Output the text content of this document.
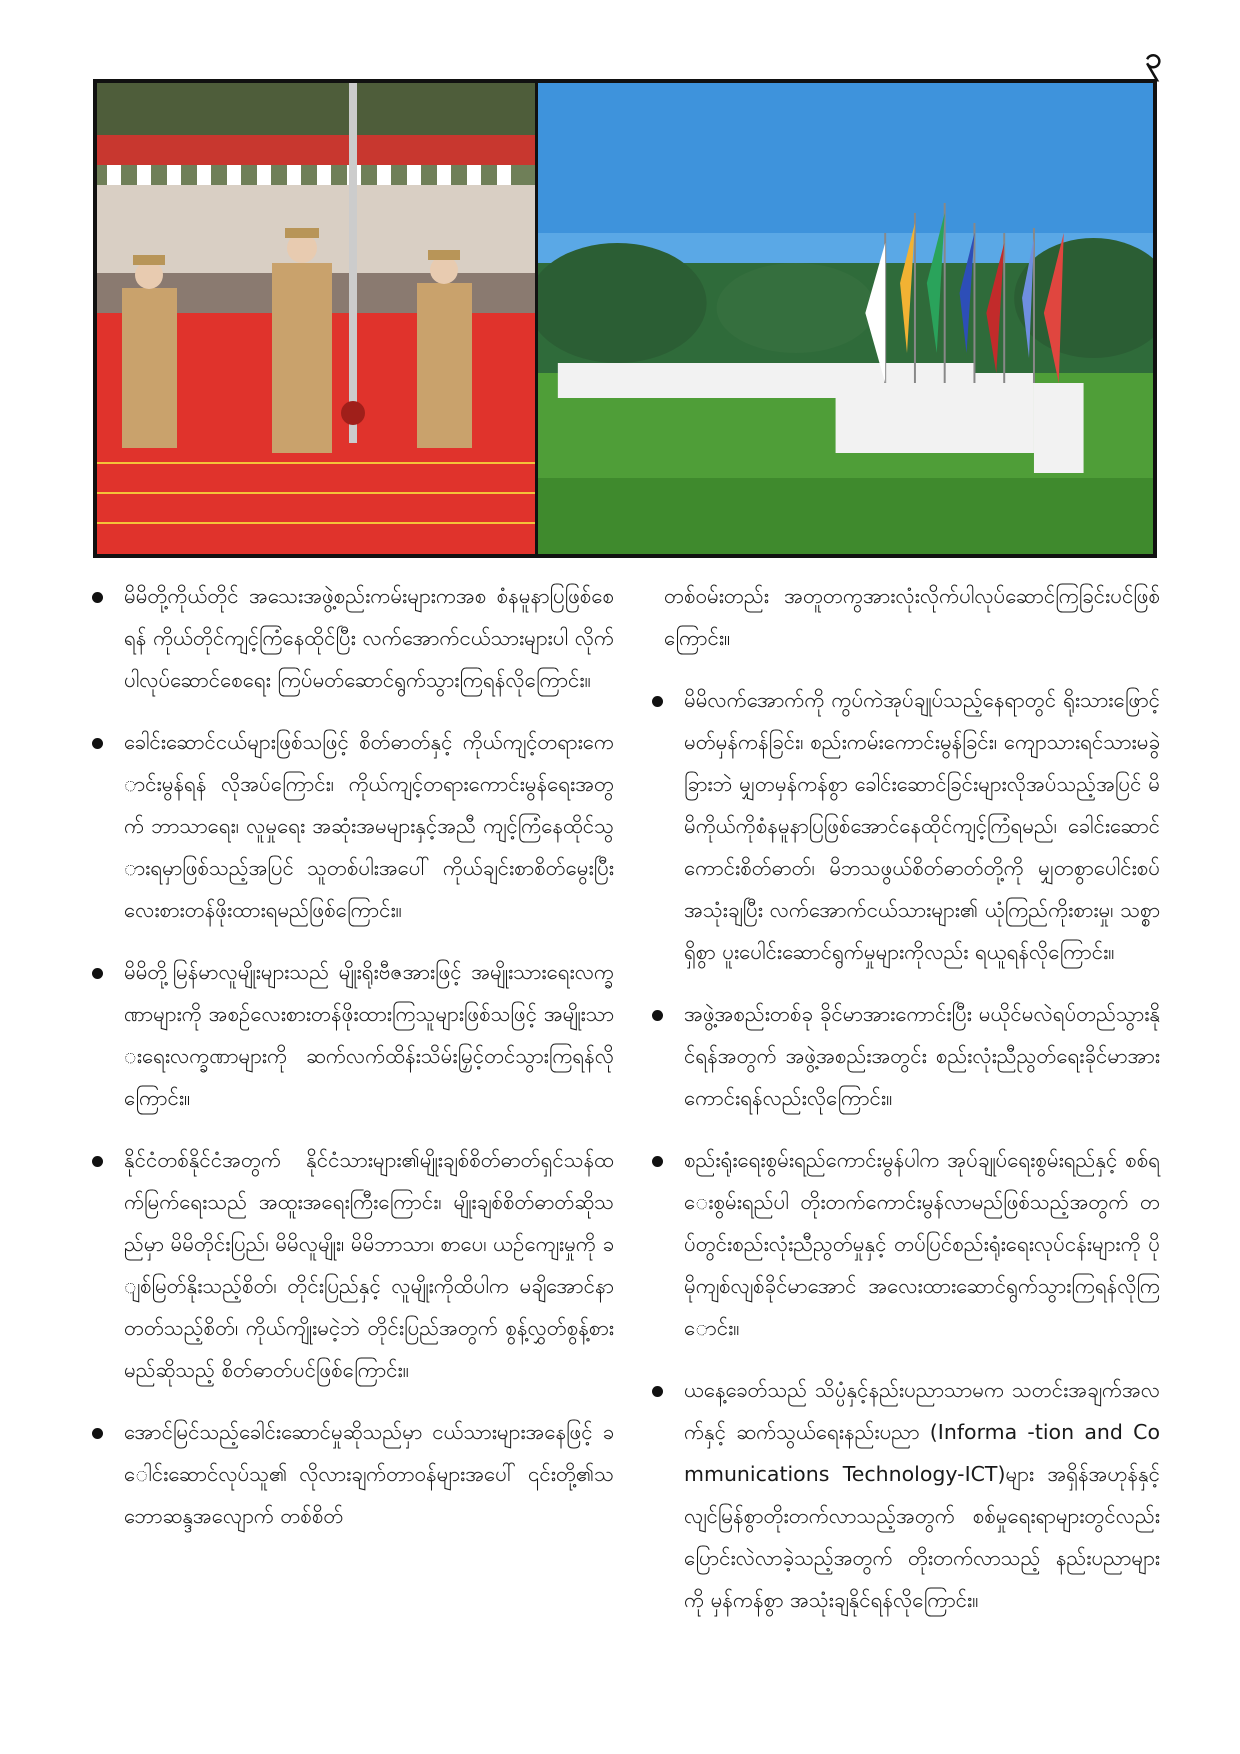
၃

မိမိတို့ကိုယ်တိုင် အသေးအဖွဲ့စည်းကမ်းများကအစ စံနမူနာပြဖြစ်စေရန် ကိုယ်တိုင်ကျင့်ကြံနေထိုင်ပြီး လက်အောက်ငယ်သားများပါ လိုက်ပါလုပ်ဆောင်စေရေး ကြပ်မတ်ဆောင်ရွက်သွားကြရန်လိုကြောင်း။

ခေါင်းဆောင်ငယ်များဖြစ်သဖြင့် စိတ်ဓာတ်နှင့် ကိုယ်ကျင့်တရားကောင်းမွန်ရန် လိုအပ်ကြောင်း၊ ကိုယ်ကျင့်တရားကောင်းမွန်ရေးအတွက် ဘာသာရေး၊ လူမှုရေး အဆုံးအမများနှင့်အညီ ကျင့်ကြံနေထိုင်သွားရမှာဖြစ်သည့်အပြင် သူတစ်ပါးအပေါ် ကိုယ်ချင်းစာစိတ်မွေးပြီး လေးစားတန်ဖိုးထားရမည်ဖြစ်ကြောင်း။

မိမိတို့မြန်မာလူမျိုးများသည် မျိုးရိုးဗီဇအားဖြင့် အမျိုးသားရေးလက္ခဏာများကို အစဉ်လေးစားတန်ဖိုးထားကြသူများဖြစ်သဖြင့် အမျိုးသားရေးလက္ခဏာများကို ဆက်လက်ထိန်းသိမ်းမြှင့်တင်သွားကြရန်လိုကြောင်း။

နိုင်ငံတစ်နိုင်ငံအတွက် နိုင်ငံသားများ၏မျိုးချစ်စိတ်ဓာတ်ရှင်သန်ထက်မြက်ရေးသည် အထူးအရေးကြီးကြောင်း၊ မျိုးချစ်စိတ်ဓာတ်ဆိုသည်မှာ မိမိတိုင်းပြည်၊ မိမိလူမျိုး၊ မိမိဘာသာ၊ စာပေ၊ ယဉ်ကျေးမှုကို ချစ်မြတ်နိုးသည့်စိတ်၊ တိုင်းပြည်နှင့် လူမျိုးကိုထိပါက မချိအောင်နာတတ်သည့်စိတ်၊ ကိုယ်ကျိုးမငဲ့ဘဲ တိုင်းပြည်အတွက် စွန့်လွှတ်စွန့်စားမည်ဆိုသည့် စိတ်ဓာတ်ပင်ဖြစ်ကြောင်း။

အောင်မြင်သည့်ခေါင်းဆောင်မှုဆိုသည်မှာ ငယ်သားများအနေဖြင့် ခေါင်းဆောင်လုပ်သူ၏ လိုလားချက်တာဝန်များအပေါ် ၎င်းတို့၏သဘောဆန္ဒအလျောက် တစ်စိတ်

တစ်ဝမ်းတည်း အတူတကွအားလုံးလိုက်ပါလုပ်ဆောင်ကြခြင်းပင်ဖြစ်ကြောင်း။

မိမိလက်အောက်ကို ကွပ်ကဲအုပ်ချုပ်သည့်နေရာတွင် ရိုးသားဖြောင့်မတ်မှန်ကန်ခြင်း၊ စည်းကမ်းကောင်းမွန်ခြင်း၊ ကျောသားရင်သားမခွဲခြားဘဲ မျှတမှန်ကန်စွာ ခေါင်းဆောင်ခြင်းများလိုအပ်သည့်အပြင် မိမိကိုယ်ကိုစံနမူနာပြဖြစ်အောင်နေထိုင်ကျင့်ကြံရမည်၊ ခေါင်းဆောင်ကောင်းစိတ်ဓာတ်၊ မိဘသဖွယ်စိတ်ဓာတ်တို့ကို မျှတစွာပေါင်းစပ်အသုံးချပြီး လက်အောက်ငယ်သားများ၏ ယုံကြည်ကိုးစားမှု၊ သစ္စာရှိစွာ ပူးပေါင်းဆောင်ရွက်မှုများကိုလည်း ရယူရန်လိုကြောင်း။

အဖွဲ့အစည်းတစ်ခု ခိုင်မာအားကောင်းပြီး မယိုင်မလဲရပ်တည်သွားနိုင်ရန်အတွက် အဖွဲ့အစည်းအတွင်း စည်းလုံးညီညွတ်ရေးခိုင်မာအားကောင်းရန်လည်းလိုကြောင်း။

စည်းရုံးရေးစွမ်းရည်ကောင်းမွန်ပါက အုပ်ချုပ်ရေးစွမ်းရည်နှင့် စစ်ရေးစွမ်းရည်ပါ တိုးတက်ကောင်းမွန်လာမည်ဖြစ်သည့်အတွက် တပ်တွင်းစည်းလုံးညီညွတ်မှုနှင့် တပ်ပြင်စည်းရုံးရေးလုပ်ငန်းများကို ပိုမိုကျစ်လျစ်ခိုင်မာအောင် အလေးထားဆောင်ရွက်သွားကြရန်လိုကြောင်း။

ယနေ့ခေတ်သည် သိပ္ပံနှင့်နည်းပညာသာမက သတင်းအချက်အလက်နှင့် ဆက်သွယ်ရေးနည်းပညာ (Informa -tion and Communications Technology-ICT)များ အရှိန်အဟုန်နှင့် လျင်မြန်စွာတိုးတက်လာသည့်အတွက် စစ်မှုရေးရာများတွင်လည်း ပြောင်းလဲလာခဲ့သည့်အတွက် တိုးတက်လာသည့် နည်းပညာများကို မှန်ကန်စွာ အသုံးချနိုင်ရန်လိုကြောင်း။
